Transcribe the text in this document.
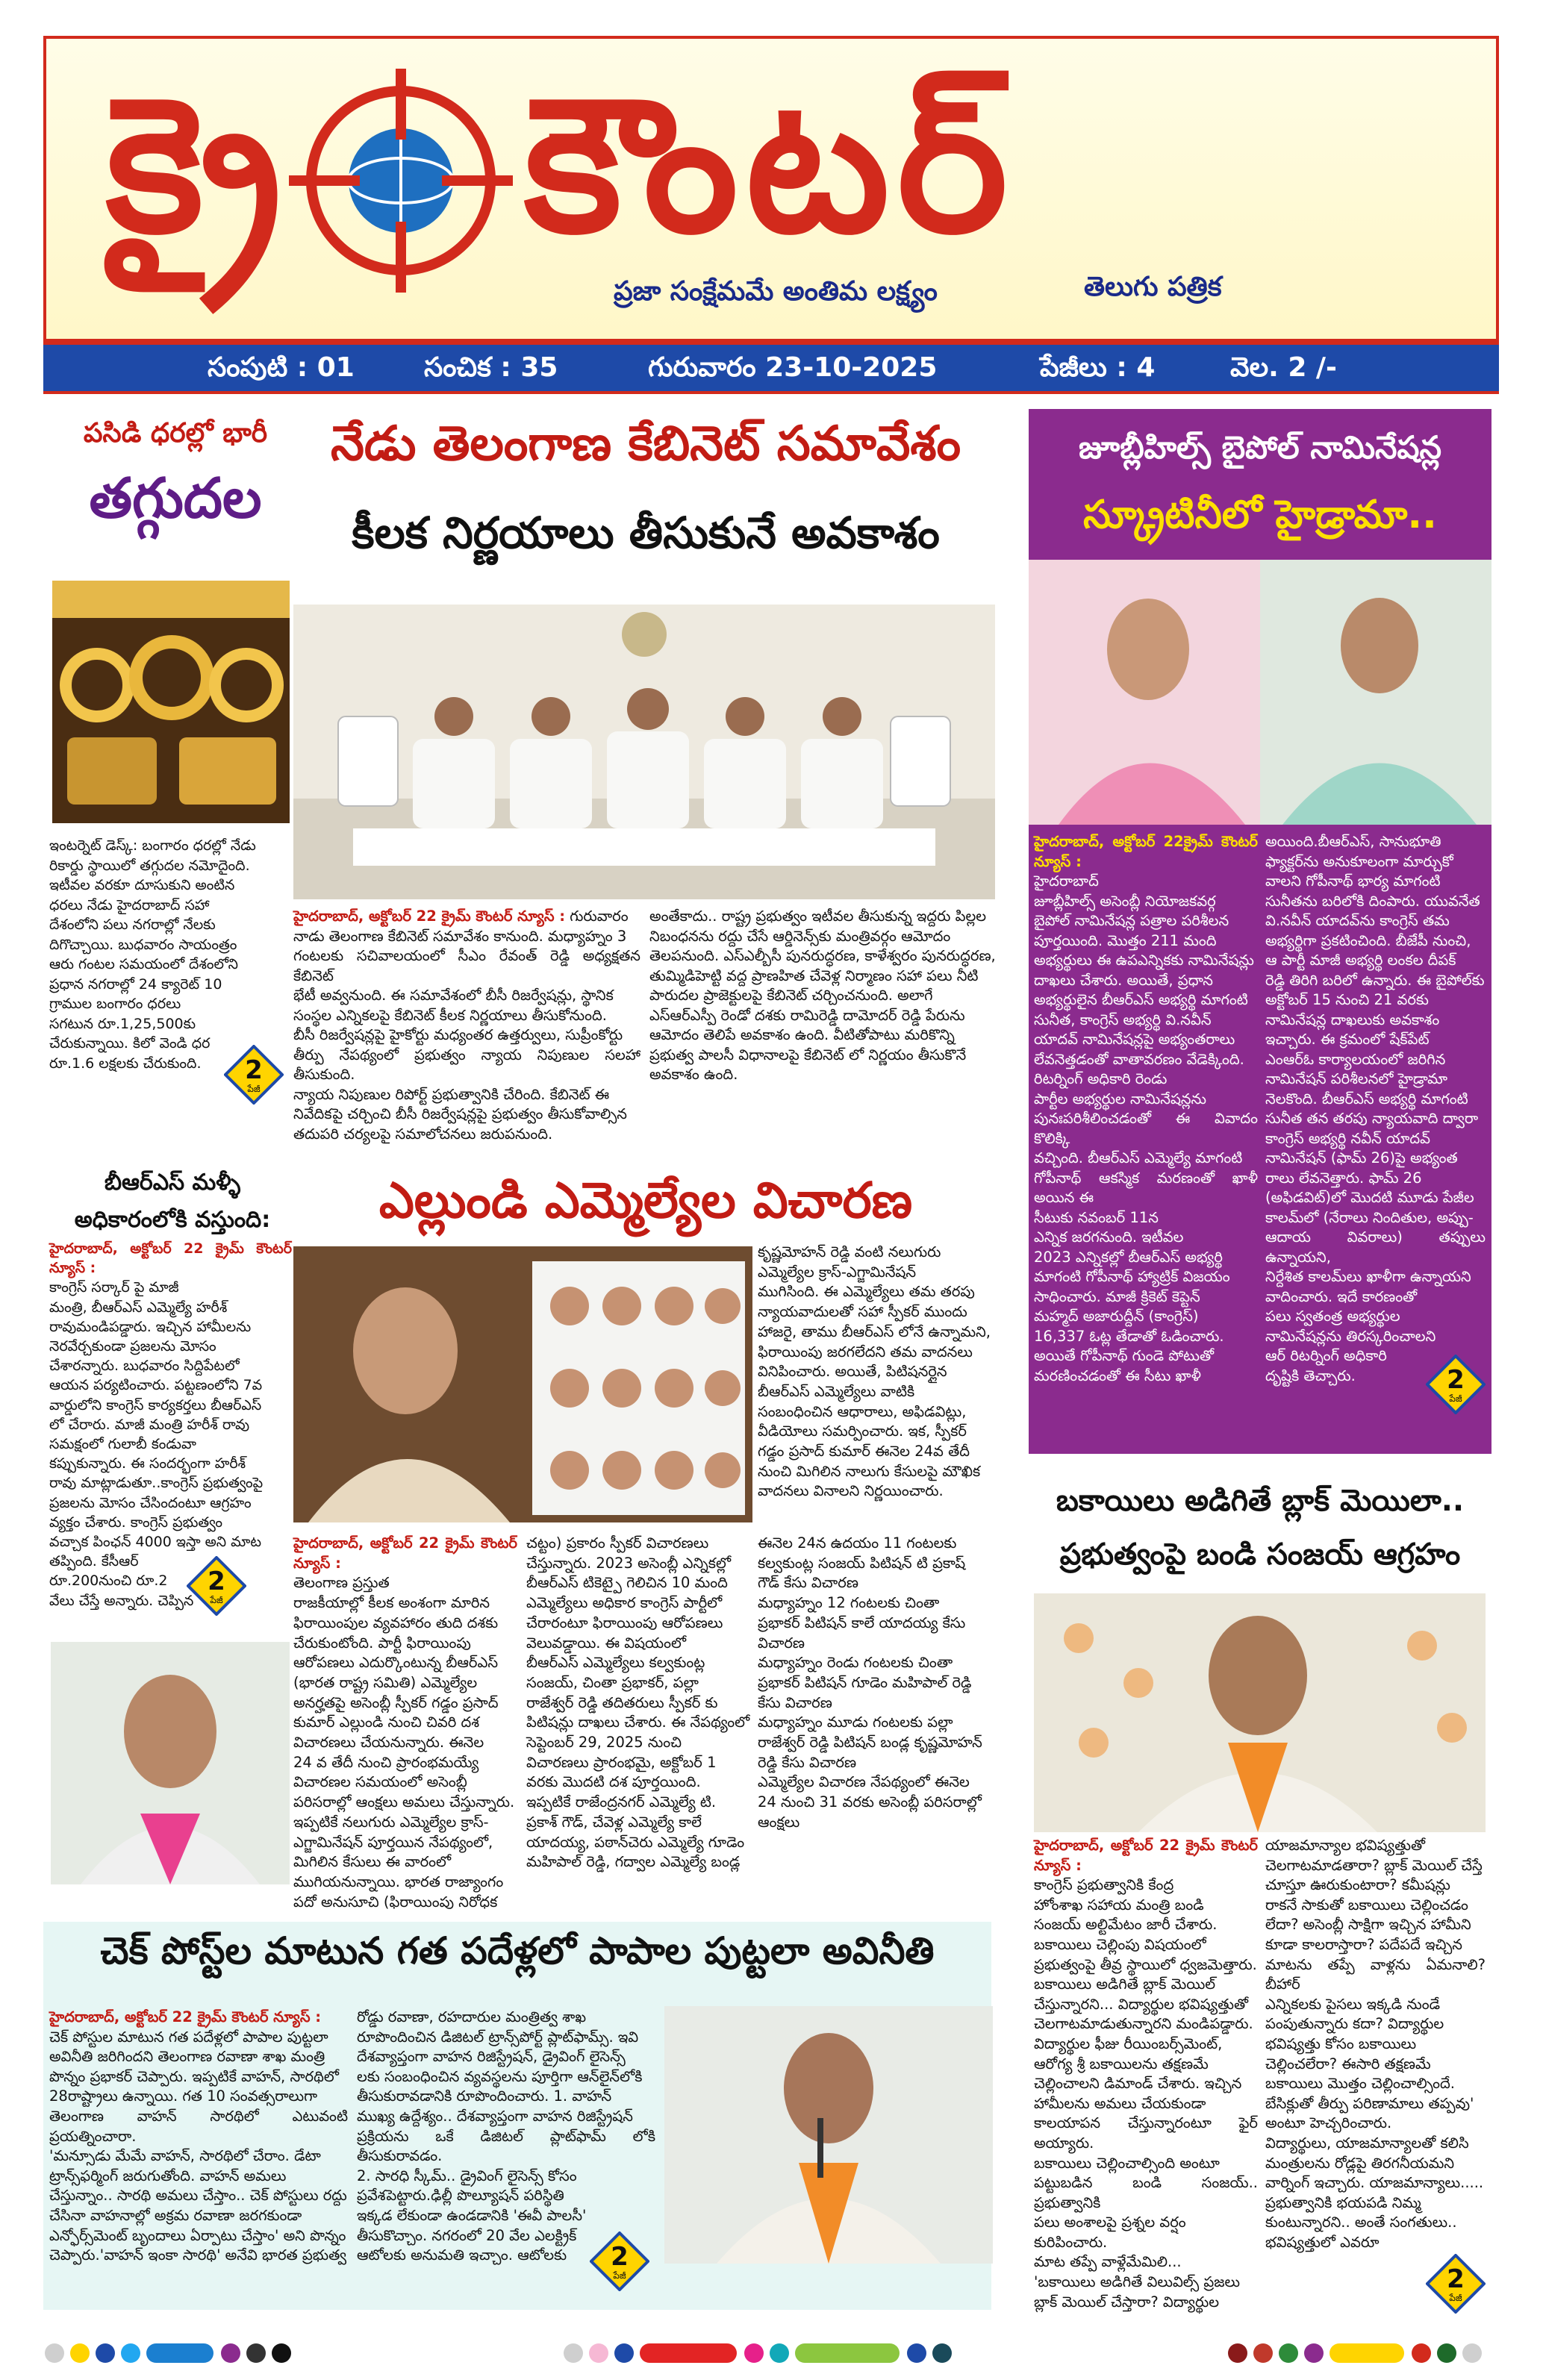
క్రై కౌంటర్
ప్రజా సంక్షేమమే అంతిమ లక్ష్యం	తెలుగు పత్రిక
సంపుటి : 01	సంచిక : 35	గురువారం 23-10-2025	పేజీలు : 4	వెల. 2 /-
పసిడి ధరల్లో భారీ
తగ్గుదల
ఇంటర్నెట్ డెస్క్: బంగారం ధరల్లో నేడు
రికార్డు స్థాయిలో తగ్గుదల నమోదైంది.
ఇటీవల వరకూ దూసుకుని అంటిన
ధరలు నేడు హైదరాబాద్ సహా
దేశంలోని పలు నగరాల్లో నేలకు
దిగొచ్చాయి. బుధవారం సాయంత్రం
ఆరు గంటల సమయంలో దేశంలోని
ప్రధాన నగరాల్లో 24 క్యారెట్ 10
గ్రాముల బంగారం ధరలు
సగటున రూ.1,25,500కు
చేరుకున్నాయి. కిలో వెండి ధర
రూ.1.6 లక్షలకు చేరుకుంది.	2
పేజీ
బీఆర్ఎస్ మళ్ళీ
అధికారంలోకి వస్తుంది:
హైదరాబాద్, అక్టోబర్ 22 క్రైమ్ కౌంటర్ న్యూస్ :
కాంగ్రెస్ సర్కార్ పై మాజీ
మంత్రి, బీఆర్ఎస్ ఎమ్మెల్యే హరీశ్
రావుమండిపడ్డారు. ఇచ్చిన హామీలను
నెరవేర్చకుండా ప్రజలను మోసం
చేశారన్నారు. బుధవారం సిద్దిపేటలో
ఆయన పర్యటించారు. పట్టణంలోని 7వ
వార్డులోని కాంగ్రెస్ కార్యకర్తలు బీఆర్ఎస్
లో చేరారు. మాజీ మంత్రి హరీశ్ రావు
సమక్షంలో గులాబీ కండువా
కప్పుకున్నారు. ఈ సందర్భంగా హరీశ్
రావు మాట్లాడుతూ..కాంగ్రెస్ ప్రభుత్వంపై
ప్రజలను మోసం చేసిందంటూ ఆగ్రహం
వ్యక్తం చేశారు. కాంగ్రెస్ ప్రభుత్వం
వచ్చాక పింఛన్ 4000 ఇస్తా అని మాట
తప్పింది. కేసీఆర్
రూ.200నుంచి రూ.2
వేలు చేస్తే అన్నారు. చెప్పిన
2
పేజీ
నేడు తెలంగాణ కేబినెట్ సమావేశం
కీలక నిర్ణయాలు తీసుకునే అవకాశం
హైదరాబాద్, అక్టోబర్ 22 క్రైమ్ కౌంటర్ న్యూస్ : గురువారం
నాడు తెలంగాణ కేబినెట్ సమావేశం కానుంది. మధ్యాహ్నం 3
గంటలకు సచివాలయంలో సీఎం రేవంత్ రెడ్డి అధ్యక్షతన కేబినెట్
భేటీ అవ్వనుంది. ఈ సమావేశంలో బీసీ రిజర్వేషన్లు, స్థానిక
సంస్థల ఎన్నికలపై కేబినెట్ కీలక నిర్ణయాలు తీసుకోనుంది.
బీసీ రిజర్వేషన్లపై హైకోర్టు మధ్యంతర ఉత్తర్వులు, సుప్రీంకోర్టు
తీర్పు నేపథ్యంలో ప్రభుత్వం న్యాయ నిపుణుల సలహా తీసుకుంది.
న్యాయ నిపుణుల రిపోర్ట్ ప్రభుత్వానికి చేరింది. కేబినెట్ ఈ
నివేదికపై చర్చించి బీసీ రిజర్వేషన్లపై ప్రభుత్వం తీసుకోవాల్సిన
తదుపరి చర్యలపై సమాలోచనలు జరుపనుంది.
అంతేకాదు.. రాష్ట్ర ప్రభుత్వం ఇటీవల తీసుకున్న ఇద్దరు పిల్లల
నిబంధనను రద్దు చేసే ఆర్డినెన్స్‌కు మంత్రివర్గం ఆమోదం
తెలపనుంది. ఎస్ఎల్బీసీ పునరుద్ధరణ, కాళేశ్వరం పునరుద్ధరణ,
తుమ్మిడిహెట్టి వద్ద ప్రాణహిత చేవెళ్ల నిర్మాణం సహా పలు నీటి
పారుదల ప్రాజెక్టులపై కేబినెట్ చర్చించనుంది. అలాగే
ఎస్ఆర్ఎస్పీ రెండో దశకు రామిరెడ్డి దామోదర్ రెడ్డి పేరును
ఆమోదం తెలిపే అవకాశం ఉంది. వీటితోపాటు మరికొన్ని
ప్రభుత్వ పాలసీ విధానాలపై కేబినెట్ లో నిర్ణయం తీసుకొనే
అవకాశం ఉంది.
ఎల్లుండి ఎమ్మెల్యేల విచారణ
కృష్ణమోహన్ రెడ్డి వంటి నలుగురు
ఎమ్మెల్యేల క్రాస్-ఎగ్జామినేషన్
ముగిసింది. ఈ ఎమ్మెల్యేలు తమ తరపు
న్యాయవాదులతో సహా స్పీకర్ ముందు
హాజరై, తాము బీఆర్ఎస్ లోనే ఉన్నామని,
ఫిరాయింపు జరగలేదని తమ వాదనలు
వినిపించారు. అయితే, పిటిషనర్లైన
బీఆర్ఎస్ ఎమ్మెల్యేలు వాటికి
సంబంధించిన ఆధారాలు, అఫిడవిట్లు,
వీడియోలు సమర్పించారు. ఇక, స్పీకర్
గడ్డం ప్రసాద్ కుమార్ ఈనెల 24వ తేదీ
నుంచి మిగిలిన నాలుగు కేసులపై మౌఖిక
వాదనలు వినాలని నిర్ణయించారు.
హైదరాబాద్, అక్టోబర్ 22 క్రైమ్ కౌంటర్ న్యూస్ :
తెలంగాణ ప్రస్తుత
రాజకీయాల్లో కీలక అంశంగా మారిన
ఫిరాయింపుల వ్యవహారం తుది దశకు
చేరుకుంటోంది. పార్టీ ఫిరాయింపు
ఆరోపణలు ఎదుర్కొంటున్న బీఆర్ఎస్
(భారత రాష్ట్ర సమితి) ఎమ్మెల్యేల
అనర్హతపై అసెంబ్లీ స్పీకర్ గడ్డం ప్రసాద్
కుమార్ ఎల్లుండి నుంచి చివరి దశ
విచారణలు చేయనున్నారు. ఈనెల
24 వ తేదీ నుంచి ప్రారంభమయ్యే
విచారణల సమయంలో అసెంబ్లీ
పరిసరాల్లో ఆంక్షలు అమలు చేస్తున్నారు.
ఇప్పటికే నలుగురు ఎమ్మెల్యేల క్రాస్-
ఎగ్జామినేషన్ పూర్తయిన నేపథ్యంలో,
మిగిలిన కేసులు ఈ వారంలో
ముగియనున్నాయి. భారత రాజ్యాంగం
పదో అనుసూచి (ఫిరాయింపు నిరోధక
చట్టం) ప్రకారం స్పీకర్ విచారణలు
చేస్తున్నారు. 2023 అసెంబ్లీ ఎన్నికల్లో
బీఆర్ఎస్ టికెట్పై గెలిచిన 10 మంది
ఎమ్మెల్యేలు అధికార కాంగ్రెస్ పార్టీలో
చేరారంటూ ఫిరాయింపు ఆరోపణలు
వెలువడ్డాయి. ఈ విషయంలో
బీఆర్ఎస్ ఎమ్మెల్యేలు కల్వకుంట్ల
సంజయ్, చింతా ప్రభాకర్, పల్లా
రాజేశ్వర్ రెడ్డి తదితరులు స్పీకర్ కు
పిటిషన్లు దాఖలు చేశారు. ఈ నేపథ్యంలో
సెప్టెంబర్ 29, 2025 నుంచి
విచారణలు ప్రారంభమై, అక్టోబర్ 1
వరకు మొదటి దశ పూర్తయింది.
ఇప్పటికే రాజేంద్రనగర్ ఎమ్మెల్యే టి.
ప్రకాశ్ గౌడ్, చేవెళ్ల ఎమ్మెల్యే కాలే
యాదయ్య, పఠాన్‌చెరు ఎమ్మెల్యే గూడెం
మహిపాల్ రెడ్డి, గద్వాల ఎమ్మెల్యే బండ్ల
ఈనెల 24న ఉదయం 11 గంటలకు
కల్వకుంట్ల సంజయ్ పిటిషన్ టి ప్రకాష్
గౌడ్ కేసు విచారణ
మధ్యాహ్నం 12 గంటలకు చింతా
ప్రభాకర్ పిటిషన్ కాలే యాదయ్య కేసు
విచారణ
మధ్యాహ్నం రెండు గంటలకు చింతా
ప్రభాకర్ పిటిషన్ గూడెం మహిపాల్ రెడ్డి
కేసు విచారణ
మధ్యాహ్నం మూడు గంటలకు పల్లా
రాజేశ్వర్ రెడ్డి పిటిషన్ బండ్ల కృష్ణమోహన్
రెడ్డి కేసు విచారణ
ఎమ్మెల్యేల విచారణ నేపథ్యంలో ఈనెల
24 నుంచి 31 వరకు అసెంబ్లీ పరిసరాల్లో
ఆంక్షలు
జూబ్లీహిల్స్ బైపోల్ నామినేషన్ల
స్క్రూటినీలో హైడ్రామా..
హైదరాబాద్, అక్టోబర్ 22క్రైమ్ కౌంటర్ న్యూస్ :
హైదరాబాద్
జూబ్లీహిల్స్ అసెంబ్లీ నియోజకవర్గ
బైపోల్ నామినేషన్ల పత్రాల పరిశీలన
పూర్తయింది. మొత్తం 211 మంది
అభ్యర్థులు ఈ ఉపఎన్నికకు నామినేషన్లు
దాఖలు చేశారు. అయితే, ప్రధాన
అభ్యర్థులైన బీఆర్ఎస్ అభ్యర్థి మాగంటి
సునీత, కాంగ్రెస్ అభ్యర్థి వి.నవీన్
యాదవ్ నామినేషన్లపై అభ్యంతరాలు
లేవనెత్తడంతో వాతావరణం వేడెక్కింది.
రిటర్నింగ్ అధికారి రెండు
పార్టీల అభ్యర్థుల నామినేషన్లను
పునఃపరిశీలించడంతో ఈ వివాదం కొలిక్కి
వచ్చింది. బీఆర్ఎస్ ఎమ్మెల్యే మాగంటి
గోపీనాథ్ ఆకస్మిక మరణంతో ఖాళీ అయిన ఈ
సీటుకు నవంబర్ 11న
ఎన్నిక జరగనుంది. ఇటీవల
2023 ఎన్నికల్లో బీఆర్ఎస్ అభ్యర్థి
మాగంటి గోపీనాథ్ హ్యాట్రిక్ విజయం
సాధించారు. మాజీ క్రికెట్ కెప్టెన్
మహ్మద్ అజారుద్దీన్ (కాంగ్రెస్)
16,337 ఓట్ల తేడాతో ఓడించారు.
అయితే గోపీనాథ్ గుండె పోటుతో
మరణించడంతో ఈ సీటు ఖాళీ
అయింది.బీఆర్ఎస్, సానుభూతి
ఫ్యాక్టర్‌ను అనుకూలంగా మార్చుకో
వాలని గోపీనాథ్ భార్య మాగంటి
సునీతను బరిలోకి దింపారు. యువనేత
వి.నవీన్ యాదవ్‌ను కాంగ్రెస్ తమ
అభ్యర్థిగా ప్రకటించింది. బీజేపీ నుంచి,
ఆ పార్టీ మాజీ అభ్యర్థి లంకల దీపక్
రెడ్డి తిరిగి బరిలో ఉన్నారు. ఈ బైపోల్‌కు
అక్టోబర్ 15 నుంచి 21 వరకు
నామినేషన్ల దాఖలుకు అవకాశం
ఇచ్చారు. ఈ క్రమంలో షేక్‌పేట్
ఎంఆర్ఓ కార్యాలయంలో జరిగిన
నామినేషన్ పరిశీలనలో హైడ్రామా
నెలకొంది. బీఆర్ఎస్ అభ్యర్థి మాగంటి
సునీత తన తరపు న్యాయవాది ద్వారా
కాంగ్రెస్ అభ్యర్థి నవీన్ యాదవ్
నామినేషన్ (ఫామ్ 26)పై అభ్యంత
రాలు లేవనెత్తారు. ఫామ్ 26
(అఫిడవిట్)లో మొదటి మూడు పేజీల
కాలమ్‌లో (నేరాలు నిందితుల, అప్పు-
ఆదాయ వివరాలు) తప్పులు ఉన్నాయని,
నిర్దేశిత కాలమ్‌లు ఖాళీగా ఉన్నాయని
వాదించారు. ఇదే కారణంతో
పలు స్వతంత్ర అభ్యర్థుల
నామినేషన్లను తిరస్కరించాలని
ఆర్ రిటర్నింగ్ అధికారి
దృష్టికి తెచ్చారు.	2
పేజీ
బకాయిలు అడిగితే బ్లాక్ మెయిలా..
ప్రభుత్వంపై బండి సంజయ్ ఆగ్రహం
హైదరాబాద్, అక్టోబర్ 22 క్రైమ్ కౌంటర్ న్యూస్ :
కాంగ్రెస్ ప్రభుత్వానికి కేంద్ర
హోంశాఖ సహాయ మంత్రి బండి
సంజయ్ అల్టిమేటం జారీ చేశారు.
బకాయిలు చెల్లింపు విషయంలో
ప్రభుత్వంపై తీవ్ర స్థాయిలో ధ్వజమెత్తారు.
బకాయిలు అడిగితే బ్లాక్ మెయిల్
చేస్తున్నారని... విద్యార్థుల భవిష్యత్తుతో
చెలగాటమాడుతున్నారని మండిపడ్డారు.
విద్యార్థుల ఫీజు రీయింబర్స్‌మెంట్,
ఆరోగ్య శ్రీ బకాయిలను తక్షణమే
చెల్లించాలని డిమాండ్ చేశారు. ఇచ్చిన
హామీలను అమలు చేయకుండా
కాలయాపన చేస్తున్నారంటూ ఫైర్ అయ్యారు.
బకాయిలు చెల్లించాల్సింది అంటూ
పట్టుబడిన బండి సంజయ్.. ప్రభుత్వానికి
పలు అంశాలపై ప్రశ్నల వర్షం
కురిపించారు.
మాట తప్పే వాళ్లేమేమిలి...
'బకాయిలు అడిగితే విలువిల్స్ ప్రజలు
బ్లాక్ మెయిల్ చేస్తారా? విద్యార్థుల
యాజమాన్యాల భవిష్యత్తుతో
చెలగాటమాడతారా? బ్లాక్ మెయిల్ చేస్తే
చూస్తూ ఊరుకుంటారా? కమీషన్లు
రాకనే సాకుతో బకాయిలు చెల్లించడం
లేదా? అసెంబ్లీ సాక్షిగా ఇచ్చిన హామీని
కూడా కాలరాస్తారా? పదేపదే ఇచ్చిన
మాటను తప్పే వాళ్లను ఏమనాలి? బీహార్
ఎన్నికలకు పైసలు ఇక్కడి నుండే
పంపుతున్నారు కదా? విద్యార్థుల
భవిష్యత్తు కోసం బకాయిలు
చెల్లించలేరా? ఈసారి తక్షణమే
బకాయిలు మొత్తం చెల్లించాల్సిందే.
బేసిక్లుతో తీర్పు పరిణామాలు తప్పవు'
అంటూ హెచ్చరించారు.
విద్యార్థులు, యాజమాన్యాలతో కలిసి
మంత్రులను రోడ్లపై తిరగనీయమని
వార్నింగ్ ఇచ్చారు. యాజమాన్యాలు.....
ప్రభుత్వానికి భయపడి నిమ్మ
కుంటున్నారని.. అంతే సంగతులు..
భవిష్యత్తులో ఎవరూ
2
పేజీ
చెక్ పోస్ట్‌ల మాటున గత పదేళ్లలో పాపాల పుట్టలా అవినీతి
హైదరాబాద్, అక్టోబర్ 22 క్రైమ్ కౌంటర్ న్యూస్ :
చెక్ పోస్టుల మాటున గత పదేళ్లలో పాపాల పుట్టలా
అవినీతి జరిగిందని తెలంగాణ రవాణా శాఖ మంత్రి
పొన్నం ప్రభాకర్ చెప్పారు. ఇప్పటికే వాహన్, సారథిలో
28రాష్ట్రాలు ఉన్నాయి. గత 10 సంవత్సరాలుగా
తెలంగాణ వాహన్ సారథిలో ఎటువంటి ప్రయత్నించారా.
'మన్సూడు మేమే వాహన్, సారథిలో చేరాం. డేటా
ట్రాన్స్‌ఫర్మింగ్ జరుగుతోంది. వాహన్ అమలు
చేస్తున్నాం.. సారథి అమలు చేస్తాం.. చెక్ పోస్టులు రద్దు
చేసినా వాహనాల్లో అక్రమ రవాణా జరగకుండా
ఎన్ఫోర్స్‌మెంట్ బృందాలు ఏర్పాటు చేస్తాం' అని పొన్నం
చెప్పారు.'వాహన్ ఇంకా సారథి' అనేవి భారత ప్రభుత్వ
రోడ్డు రవాణా, రహదారుల మంత్రిత్వ శాఖ
రూపొందించిన డిజిటల్ ట్రాన్స్‌పోర్ట్ ప్లాట్‌ఫామ్స్. ఇవి
దేశవ్యాప్తంగా వాహన రిజిస్ట్రేషన్, డ్రైవింగ్ లైసెన్స్
లకు సంబంధించిన వ్యవస్థలను పూర్తిగా ఆన్‌లైన్‌లోకి
తీసుకురావడానికి రూపొందించారు. 1. వాహన్
ముఖ్య ఉద్దేశ్యం.. దేశవ్యాప్తంగా వాహన రిజిస్ట్రేషన్
ప్రక్రియను ఒకే డిజిటల్ ప్లాట్‌ఫామ్ లోకి తీసుకురావడం.
2. సారధి స్కీమ్.. డ్రైవింగ్ లైసెన్స్ కోసం
ప్రవేశపెట్టారు.ఢిల్లీ పొల్యూషన్ పరిస్థితి
ఇక్కడ లేకుండా ఉండడానికి 'ఈవీ పాలసీ'
తీసుకొచ్చాం. నగరంలో 20 వేల ఎలక్ట్రిక్
ఆటోలకు అనుమతి ఇచ్చాం. ఆటోలకు	2
పేజీ
